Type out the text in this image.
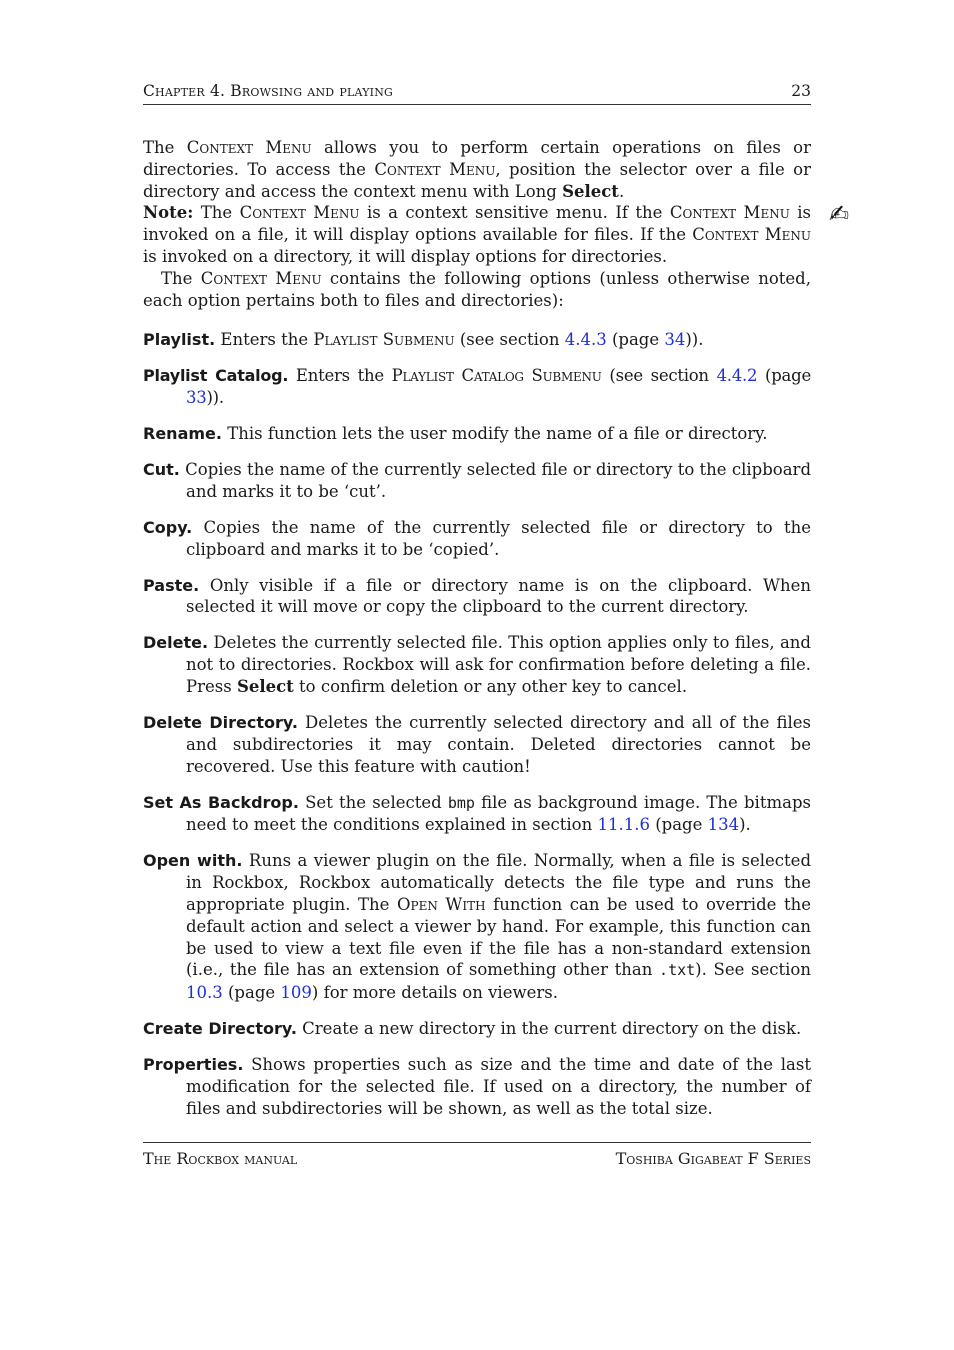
Chapter 4. Browsing and playing	23

The Context Menu allows you to perform certain operations on files or directories. To access the Context Menu, position the selector over a file or directory and access the context menu with Long Select.

✍

Note: The Context Menu is a context sensitive menu. If the Context Menu is invoked on a file, it will display options available for files. If the Context Menu is invoked on a directory, it will display options for directories.

The Context Menu contains the following options (unless otherwise noted, each option pertains both to files and directories):

Playlist. Enters the Playlist Submenu (see section 4.4.3 (page 34)).
Playlist Catalog. Enters the Playlist Catalog Submenu (see section 4.4.2 (page 33)).
Rename. This function lets the user modify the name of a file or directory.
Cut. Copies the name of the currently selected file or directory to the clipboard and marks it to be ‘cut’.
Copy. Copies the name of the currently selected file or directory to the clipboard and marks it to be ‘copied’.
Paste. Only visible if a file or directory name is on the clipboard. When selected it will move or copy the clipboard to the current directory.
Delete. Deletes the currently selected file. This option applies only to files, and not to directories. Rockbox will ask for confirmation before deleting a file. Press Select to confirm deletion or any other key to cancel.
Delete Directory. Deletes the currently selected directory and all of the files and subdirectories it may contain. Deleted directories cannot be recovered. Use this feature with caution!
Set As Backdrop. Set the selected bmp file as background image. The bitmaps need to meet the conditions explained in section 11.1.6 (page 134).
Open with. Runs a viewer plugin on the file. Normally, when a file is selected in Rockbox, Rockbox automatically detects the file type and runs the appropriate plugin. The Open With function can be used to override the default action and select a viewer by hand. For example, this function can be used to view a text file even if the file has a non-standard extension (i.e., the file has an extension of something other than .txt). See section 10.3 (page 109) for more details on viewers.
Create Directory. Create a new directory in the current directory on the disk.
Properties. Shows properties such as size and the time and date of the last modification for the selected file. If used on a directory, the number of files and subdirectories will be shown, as well as the total size.
The Rockbox manual	Toshiba Gigabeat F Series
